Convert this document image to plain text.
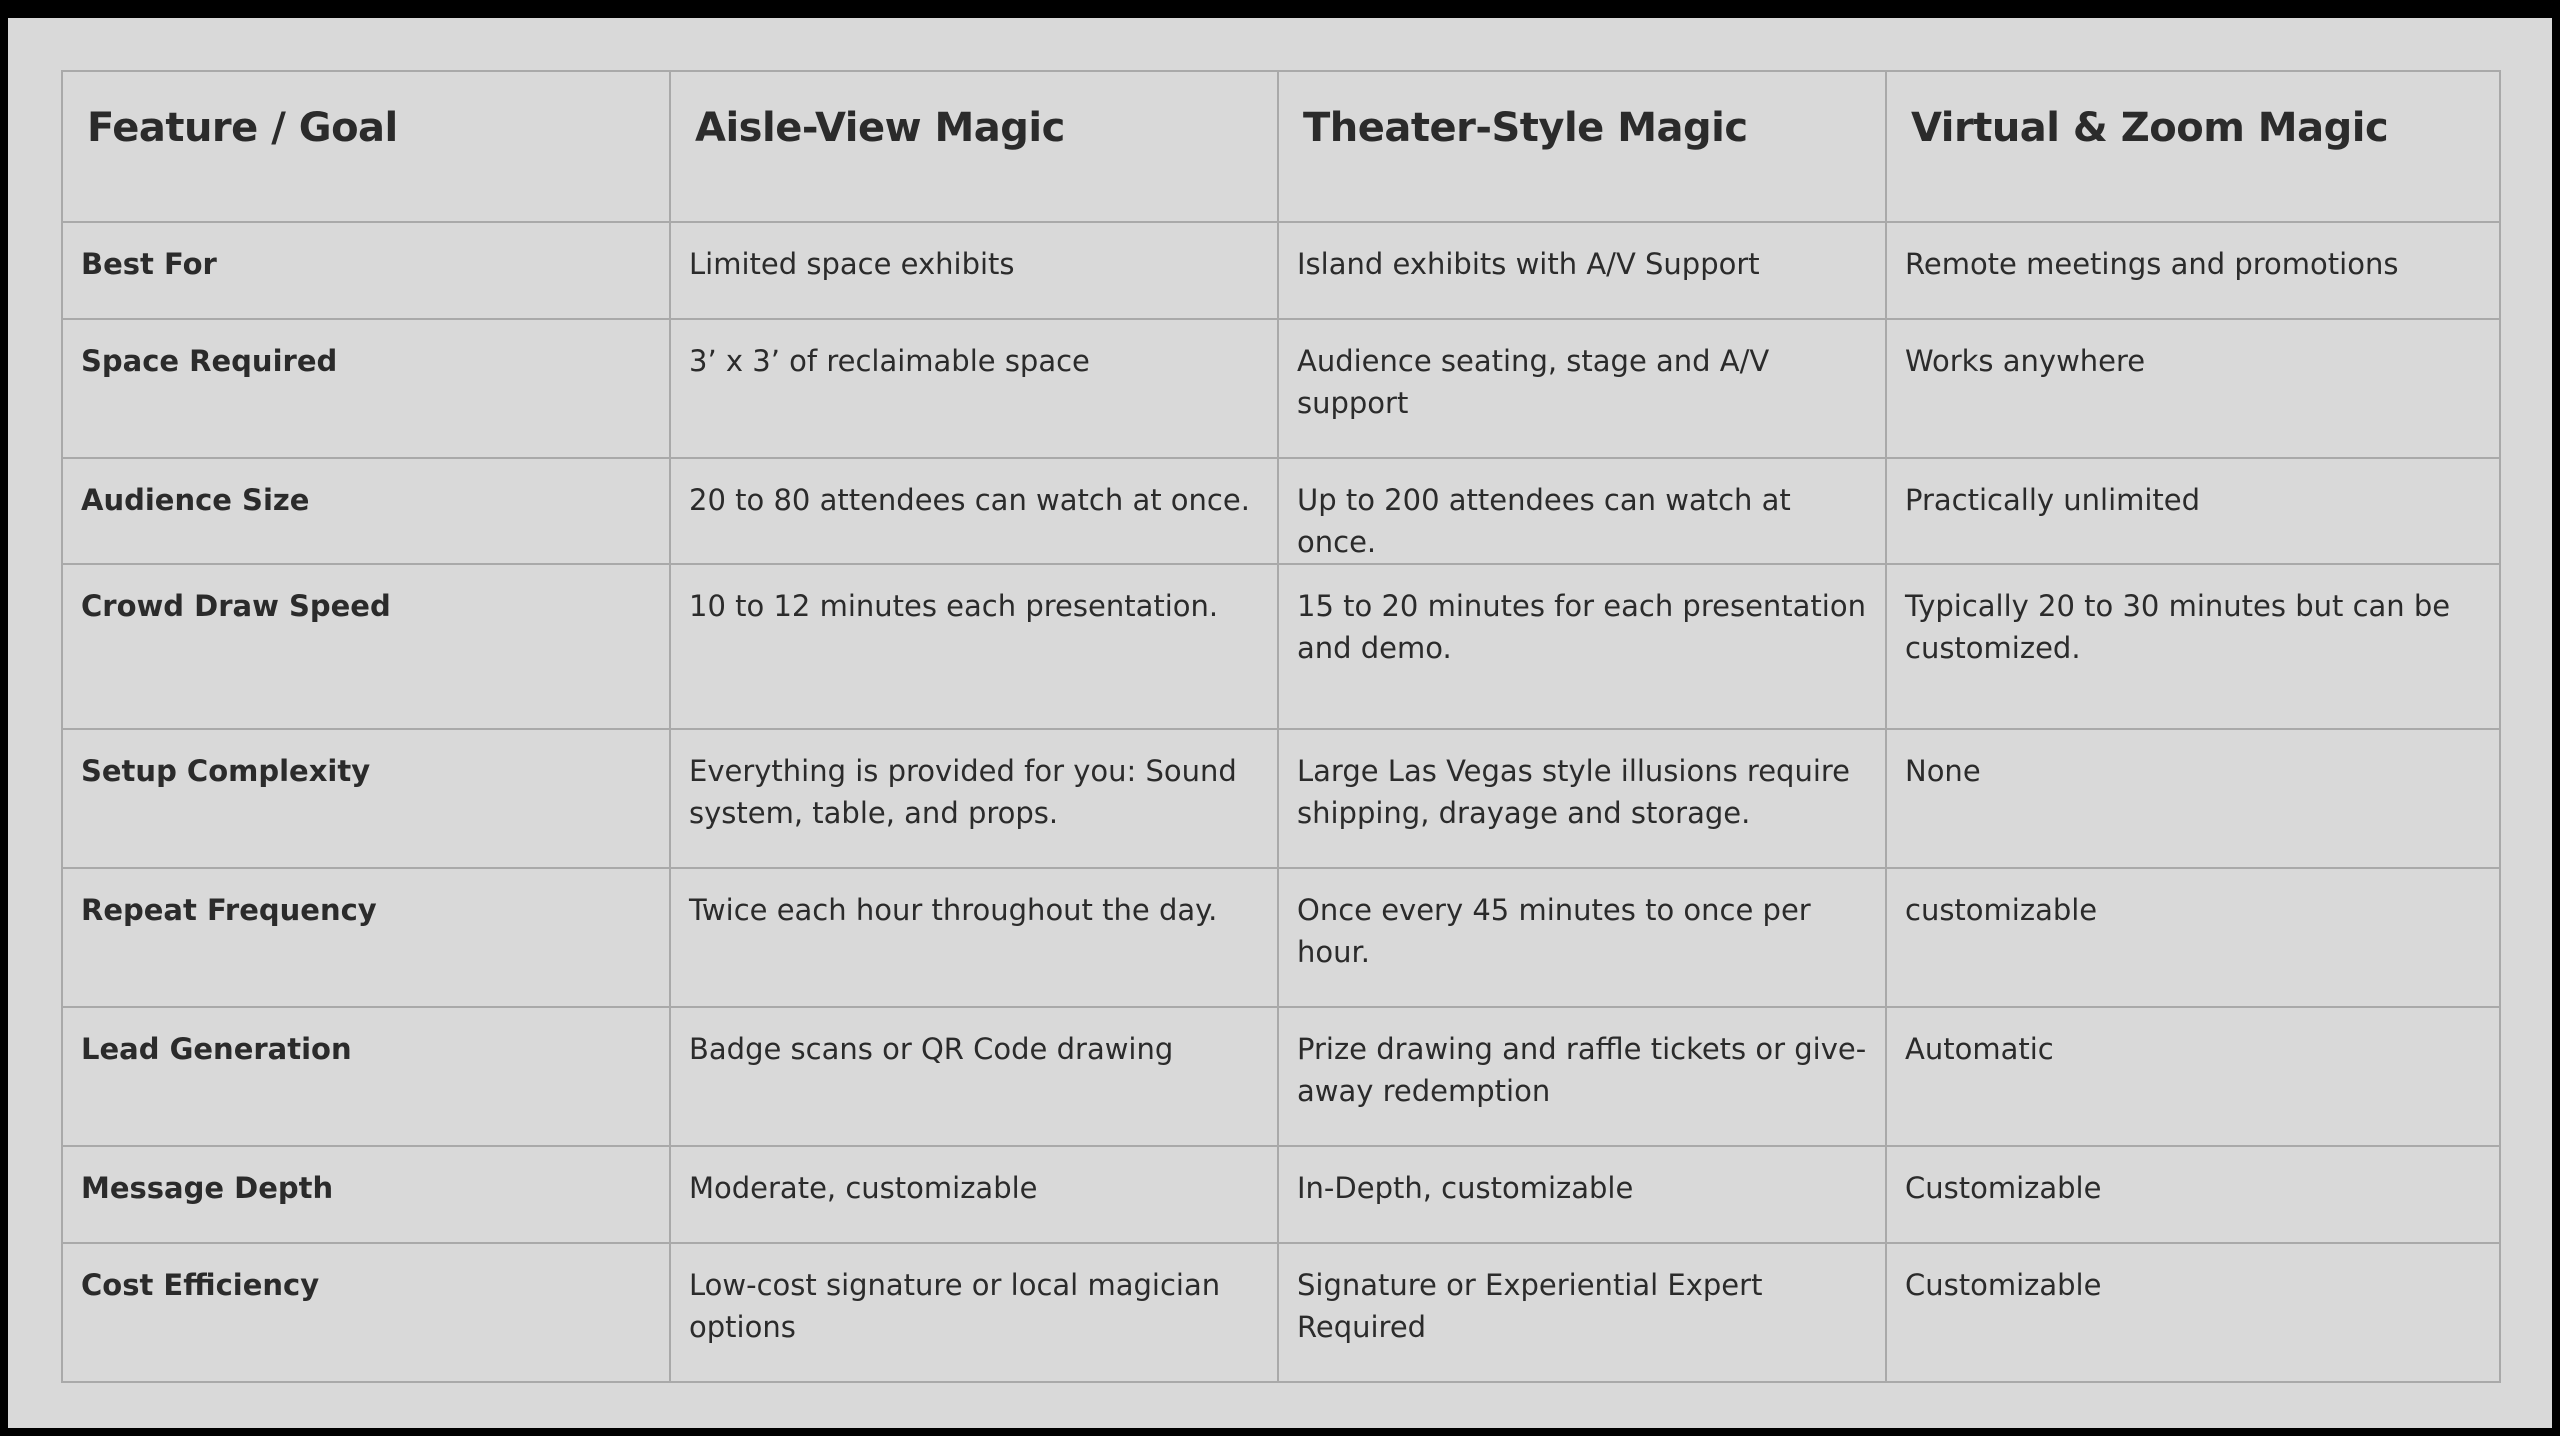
Feature / Goal	Aisle-View Magic	Theater-Style Magic	Virtual & Zoom Magic
Best For	Limited space exhibits	Island exhibits with A/V Support	Remote meetings and promotions
Space Required	3’ x 3’ of reclaimable space	Audience seating, stage and A/V support	Works anywhere
Audience Size	20 to 80 attendees can watch at once.	Up to 200 attendees can watch at once.	Practically unlimited
Crowd Draw Speed	10 to 12 minutes each presentation.	15 to 20 minutes for each presentation and demo.	Typically 20 to 30 minutes but can be customized.
Setup Complexity	Everything is provided for you: Sound system, table, and props.	Large Las Vegas style illusions require shipping, drayage and storage.	None
Repeat Frequency	Twice each hour throughout the day.	Once every 45 minutes to once per hour.	customizable
Lead Generation	Badge scans or QR Code drawing	Prize drawing and raffle tickets or give-away redemption	Automatic
Message Depth	Moderate, customizable	In-Depth, customizable	Customizable
Cost Efficiency	Low-cost signature or local magician options	Signature or Experiential Expert Required	Customizable
